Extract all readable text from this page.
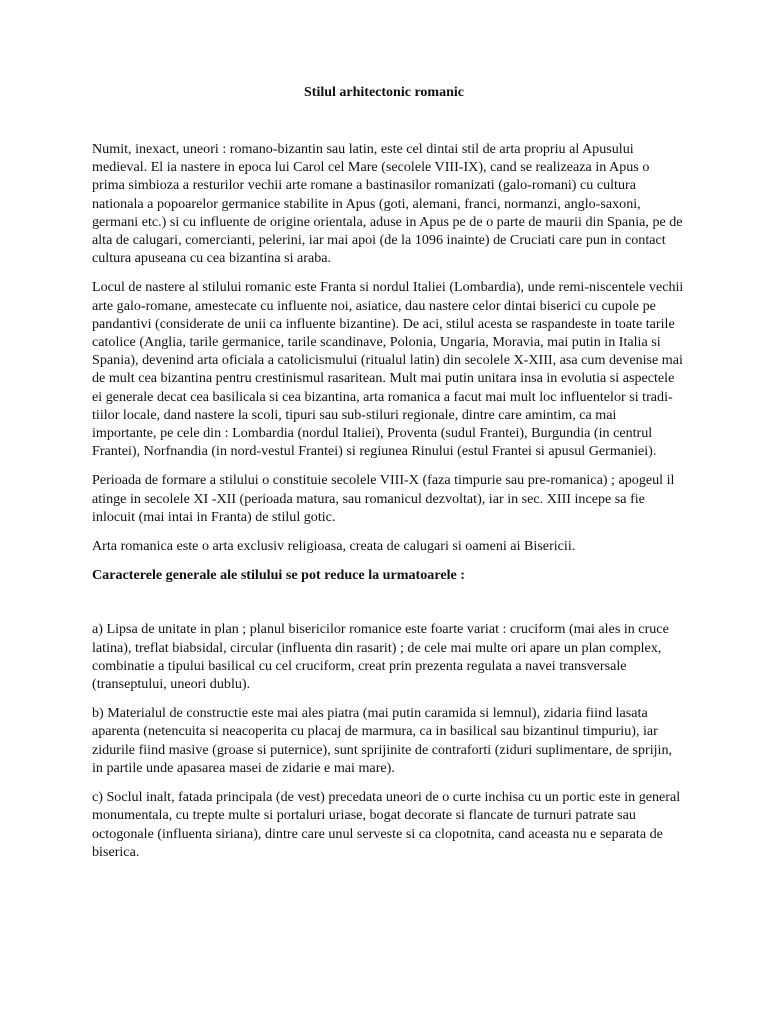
Stilul arhitectonic romanic

Numit, inexact, uneori : romano-bizantin sau latin, este cel dintai stil de arta propriu al Apusului medieval. El ia nastere in epoca lui Carol cel Mare (secolele VIII-IX), cand se realizeaza in Apus o prima simbioza a resturilor vechii arte romane a bastinasilor romanizati (galo-romani) cu cultura nationala a popoarelor germanice stabilite in Apus (goti, alemani, franci, normanzi, anglo-saxoni, germani etc.) si cu influente de origine orientala, aduse in Apus pe de o parte de maurii din Spania, pe de alta de calugari, comercianti, pelerini, iar mai apoi (de la 1096 inainte) de Cruciati care pun in contact cultura apuseana cu cea bizantina si araba.

Locul de nastere al stilului romanic este Franta si nordul Italiei (Lombardia), unde remi-niscentele vechii arte galo-romane, amestecate cu influente noi, asiatice, dau nastere celor dintai biserici cu cupole pe pandantivi (considerate de unii ca influente bizantine). De aci, stilul acesta se raspandeste in toate tarile catolice (Anglia, tarile germanice, tarile scandinave, Polonia, Ungaria, Moravia, mai putin in Italia si Spania), devenind arta oficiala a catolicismului (ritualul latin) din secolele X-XIII, asa cum devenise mai de mult cea bizantina pentru crestinismul rasaritean. Mult mai putin unitara insa in evolutia si aspectele ei generale decat cea basilicala si cea bizantina, arta romanica a facut mai mult loc influentelor si tradi-tiilor locale, dand nastere la scoli, tipuri sau sub-stiluri regionale, dintre care amintim, ca mai importante, pe cele din : Lombardia (nordul Italiei), Proventa (sudul Frantei), Burgundia (in centrul Frantei), Norfnandia (in nord-vestul Frantei) si regiunea Rinului (estul Frantei si apusul Germaniei).

Perioada de formare a stilului o constituie secolele VIII-X (faza timpurie sau pre-romanica) ; apogeul il atinge in secolele XI -XII (perioada matura, sau romanicul dezvoltat), iar in sec. XIII incepe sa fie inlocuit (mai intai in Franta) de stilul gotic.

Arta romanica este o arta exclusiv religioasa, creata de calugari si oameni ai Bisericii.

Caracterele generale ale stilului se pot reduce la urmatoarele :

a) Lipsa de unitate in plan ; planul bisericilor romanice este foarte variat : cruciform (mai ales in cruce latina), treflat biabsidal, circular (influenta din rasarit) ; de cele mai multe ori apare un plan complex, combinatie a tipului basilical cu cel cruciform, creat prin prezenta regulata a navei transversale (transeptului, uneori dublu).

b) Materialul de constructie este mai ales piatra (mai putin caramida si lemnul), zidaria fiind lasata aparenta (netencuita si neacoperita cu placaj de marmura, ca in basilical sau bizantinul timpuriu), iar zidurile fiind masive (groase si puternice), sunt sprijinite de contraforti (ziduri suplimentare, de sprijin, in partile unde apasarea masei de zidarie e mai mare).

c) Soclul inalt, fatada principala (de vest) precedata uneori de o curte inchisa cu un portic este in general monumentala, cu trepte multe si portaluri uriase, bogat decorate si flancate de turnuri patrate sau octogonale (influenta siriana), dintre care unul serveste si ca clopotnita, cand aceasta nu e separata de biserica.
